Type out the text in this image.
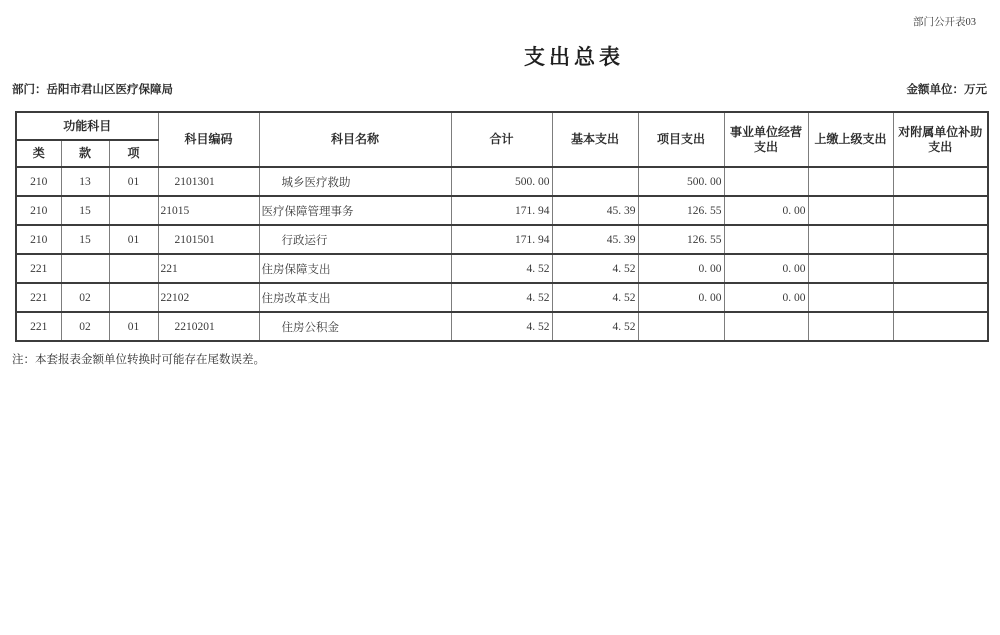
部门公开表03
支出总表
部门：岳阳市君山区医疗保障局	金额单位：万元
功能科目			科目编码	科目名称	合计	基本支出	项目支出	事业单位经营支出	上缴上级支出	对附属单位补助支出
类	款	项								
210	13	01	2101301	城乡医疗救助	500. 00		500. 00			
210	15		21015	医疗保障管理事务	171. 94	45. 39	126. 55	0. 00		
210	15	01	2101501	行政运行	171. 94	45. 39	126. 55			
221			221	住房保障支出	4. 52	4. 52	0. 00	0. 00		
221	02		22102	住房改革支出	4. 52	4. 52	0. 00	0. 00		
221	02	01	2210201	住房公积金	4. 52	4. 52				
注：本套报表金额单位转换时可能存在尾数误差。
